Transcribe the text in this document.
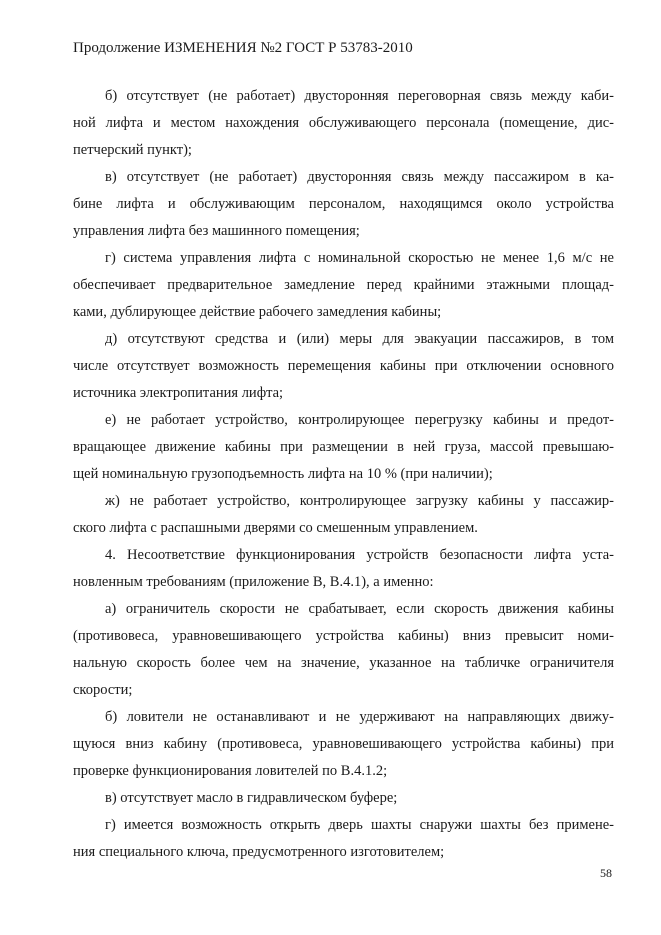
Продолжение ИЗМЕНЕНИЯ №2 ГОСТ Р 53783-2010
б) отсутствует (не работает) двусторонняя переговорная связь между каби-
ной лифта и местом нахождения обслуживающего персонала (помещение, дис-
петчерский пункт);
в) отсутствует (не работает) двусторонняя связь между пассажиром в ка-
бине лифта и обслуживающим персоналом, находящимся около устройства
управления лифта без машинного помещения;
г) система управления лифта с номинальной скоростью не менее 1,6 м/с не
обеспечивает предварительное замедление перед крайними этажными площад-
ками, дублирующее действие рабочего замедления кабины;
д) отсутствуют средства и (или) меры для эвакуации пассажиров, в том
числе отсутствует возможность перемещения кабины при отключении основного
источника электропитания лифта;
е) не работает устройство, контролирующее перегрузку кабины и предот-
вращающее движение кабины при размещении в ней груза, массой превышаю-
щей номинальную грузоподъемность лифта на 10 % (при наличии);
ж) не работает устройство, контролирующее загрузку кабины у пассажир-
ского лифта с распашными дверями со смешенным управлением.
4. Несоответствие функционирования устройств безопасности лифта уста-
новленным требованиям (приложение В, В.4.1), а именно:
а) ограничитель скорости не срабатывает, если скорость движения кабины
(противовеса, уравновешивающего устройства кабины) вниз превысит номи-
нальную скорость более чем на значение, указанное на табличке ограничителя
скорости;
б) ловители не останавливают и не удерживают на направляющих движу-
щуюся вниз кабину (противовеса, уравновешивающего устройства кабины) при
проверке функционирования ловителей по В.4.1.2;
в) отсутствует масло в гидравлическом буфере;
г) имеется возможность открыть дверь шахты снаружи шахты без примене-
ния специального ключа, предусмотренного изготовителем;
58
